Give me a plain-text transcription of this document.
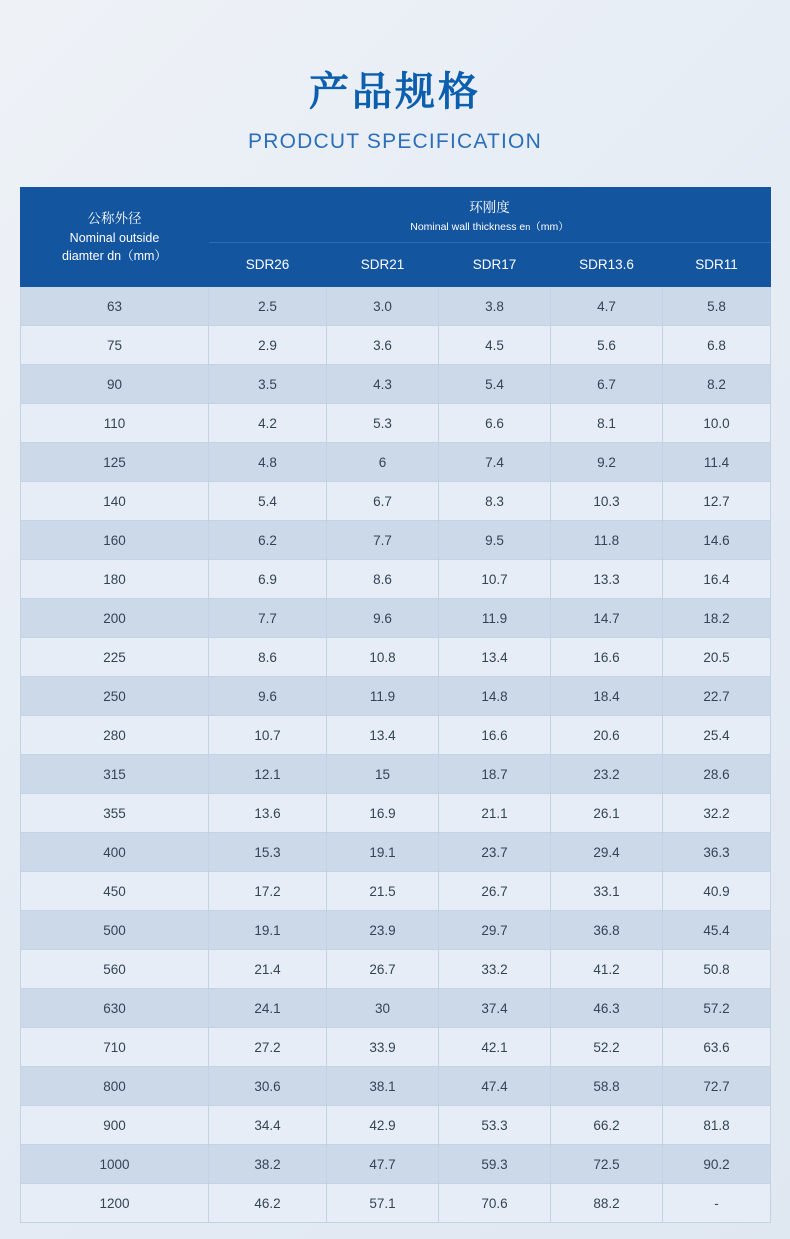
产品规格
PRODCUT SPECIFICATION
公称外径
Nominal outside
diamter dn（mm）	环刚度
Nominal wall thickness en（mm）				

	SDR26	SDR21	SDR17	SDR13.6	SDR11
63	2.5	3.0	3.8	4.7	5.8
75	2.9	3.6	4.5	5.6	6.8
90	3.5	4.3	5.4	6.7	8.2
110	4.2	5.3	6.6	8.1	10.0
125	4.8	6	7.4	9.2	11.4
140	5.4	6.7	8.3	10.3	12.7
160	6.2	7.7	9.5	11.8	14.6
180	6.9	8.6	10.7	13.3	16.4
200	7.7	9.6	11.9	14.7	18.2
225	8.6	10.8	13.4	16.6	20.5
250	9.6	11.9	14.8	18.4	22.7
280	10.7	13.4	16.6	20.6	25.4
315	12.1	15	18.7	23.2	28.6
355	13.6	16.9	21.1	26.1	32.2
400	15.3	19.1	23.7	29.4	36.3
450	17.2	21.5	26.7	33.1	40.9
500	19.1	23.9	29.7	36.8	45.4
560	21.4	26.7	33.2	41.2	50.8
630	24.1	30	37.4	46.3	57.2
710	27.2	33.9	42.1	52.2	63.6
800	30.6	38.1	47.4	58.8	72.7
900	34.4	42.9	53.3	66.2	81.8
1000	38.2	47.7	59.3	72.5	90.2
1200	46.2	57.1	70.6	88.2	-
